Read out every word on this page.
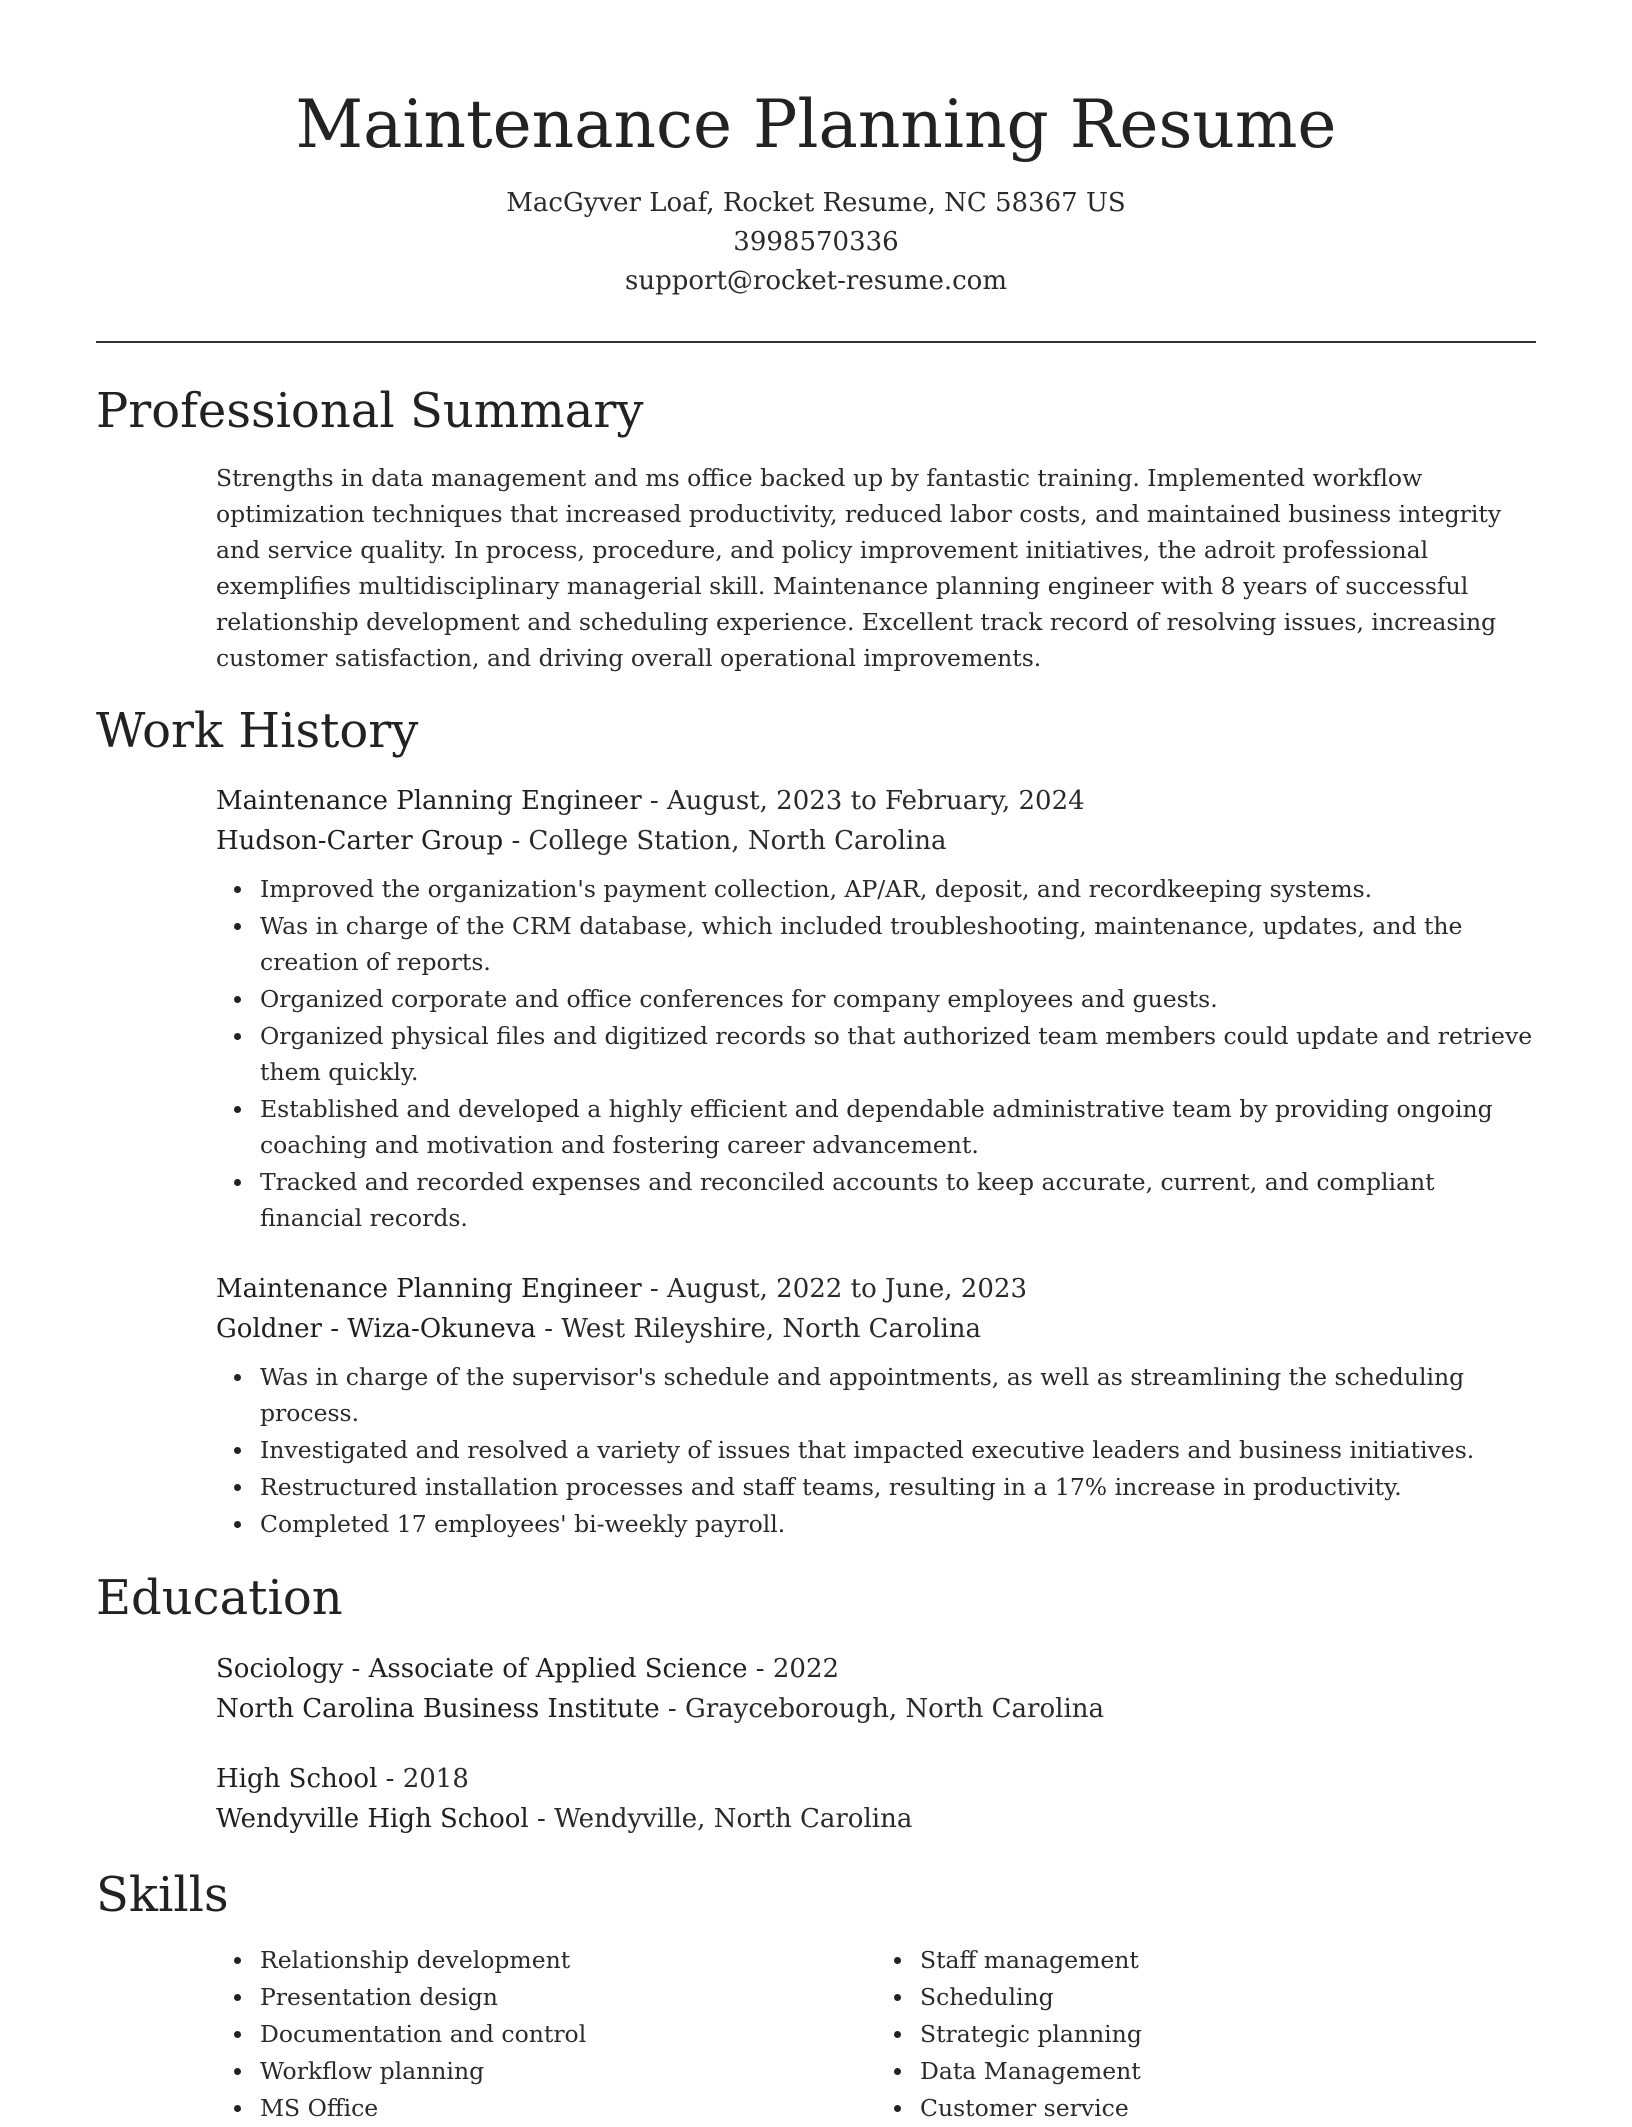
Maintenance Planning Resume
MacGyver Loaf, Rocket Resume, NC 58367 US
3998570336
support@rocket-resume.com
Professional Summary

Strengths in data management and ms office backed up by fantastic training. Implemented workflow optimization techniques that increased productivity, reduced labor costs, and maintained business integrity and service quality. In process, procedure, and policy improvement initiatives, the adroit professional exemplifies multidisciplinary managerial skill. Maintenance planning engineer with 8 years of successful relationship development and scheduling experience. Excellent track record of resolving issues, increasing customer satisfaction, and driving overall operational improvements.

Work History
Maintenance Planning Engineer - August, 2023 to February, 2024
Hudson-Carter Group - College Station, North Carolina
Improved the organization's payment collection, AP/AR, deposit, and recordkeeping systems.
Was in charge of the CRM database, which included troubleshooting, maintenance, updates, and the creation of reports.
Organized corporate and office conferences for company employees and guests.
Organized physical files and digitized records so that authorized team members could update and retrieve them quickly.
Established and developed a highly efficient and dependable administrative team by providing ongoing coaching and motivation and fostering career advancement.
Tracked and recorded expenses and reconciled accounts to keep accurate, current, and compliant financial records.
Maintenance Planning Engineer - August, 2022 to June, 2023
Goldner - Wiza-Okuneva - West Rileyshire, North Carolina
Was in charge of the supervisor's schedule and appointments, as well as streamlining the scheduling process.
Investigated and resolved a variety of issues that impacted executive leaders and business initiatives.
Restructured installation processes and staff teams, resulting in a 17% increase in productivity.
Completed 17 employees' bi-weekly payroll.
Education
Sociology - Associate of Applied Science - 2022
North Carolina Business Institute - Grayceborough, North Carolina
High School - 2018
Wendyville High School - Wendyville, North Carolina
Skills
Relationship development
Presentation design
Documentation and control
Workflow planning
MS Office
Staff management
Scheduling
Strategic planning
Data Management
Customer service
